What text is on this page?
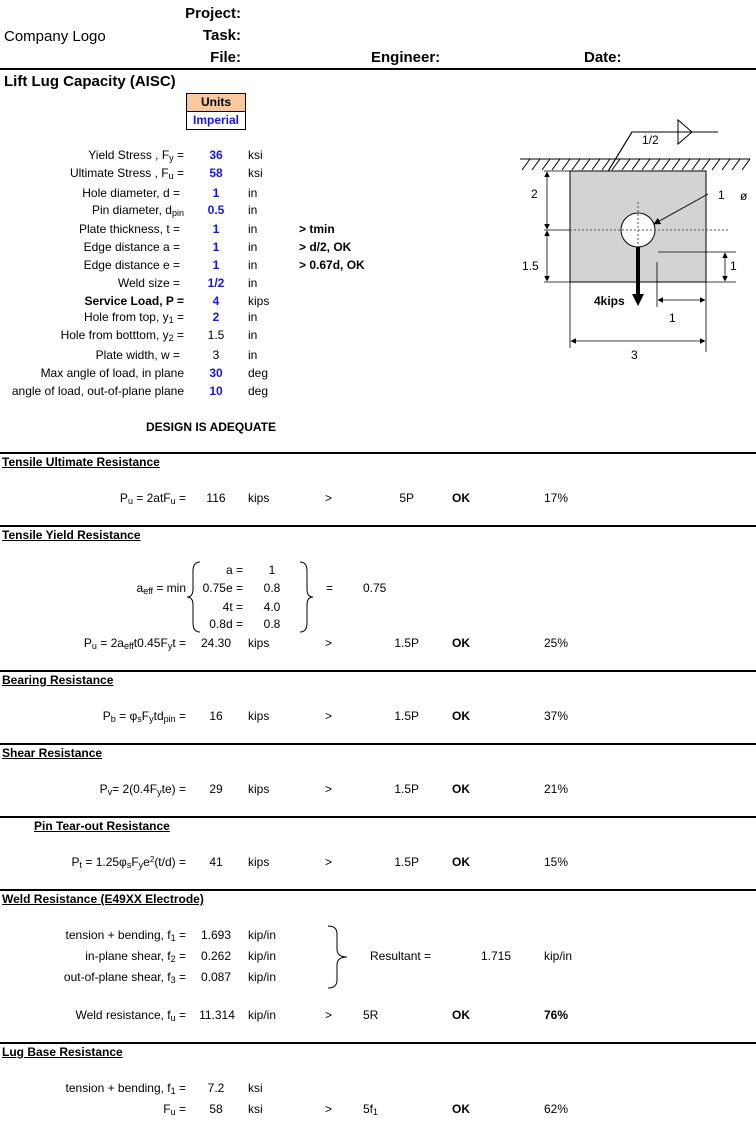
Project:
Company Logo	Task:
File:	Engineer:	Date:
Lift Lug Capacity (AISC)
Units
Imperial
Yield Stress , $F_y$ =	36	ksi
Ultimate Stress , $F_u$ =	58	ksi
Hole diameter, d =	1	in
Pin diameter, $d_{pin}$	0.5	in
Plate thickness, t =	1	in	> tmin
Edge distance a =	1	in	> d/2, OK
Edge distance e =	1	in	> 0.67d, OK
Weld size =	1/2	in
Service Load, P =	4	kips
Hole from top, $y_1$ =	2	in
Hole from botttom, $y_2$ =	1.5	in
Plate width, w =	3	in
Max angle of load, in plane	30	deg
angle of load, out-of-plane plane	10	deg
DESIGN IS ADEQUATE
1/2
4kips
1 ø
2
1.5	1
1
3
Tensile Ultimate Resistance
$P_u = 2atF_u$ =	116	kips	>	5P	OK	17%
Tensile Yield Resistance
$a_{eff} = \min$
a =	1
0.75e =	0.8
4t =	4.0
0.8d =	0.8
= 0.75
$P_u = 2a_{eff}t0.45F_yt$ =	24.30	kips	>	1.5P	OK	25%
Bearing Resistance
$P_b = \varphi_sF_ytd_{pin}$ =	16	kips	>	1.5P	OK	37%
Shear Resistance
$P_v= 2(0.4F_yte)$ =	29	kips	>	1.5P	OK	21%
Pin Tear-out Resistance
$P_t = 1.25\varphi_sF_ye^2(t/d)$ =	41	kips	>	1.5P	OK	15%
Weld Resistance (E49XX Electrode)
tension + bending, $f_1$ =	1.693	kip/in
in-plane shear, $f_2$ =	0.262	kip/in
out-of-plane shear, $f_3$ =	0.087	kip/in
Resultant =	1.715	kip/in
Weld resistance, $f_u$ =	11.314	kip/in	>	5R	OK	76%
Lug Base Resistance
tension + bending, $f_1$ =	7.2	ksi
$F_u$ =	58	ksi	>	$5f_1$	OK	62%
